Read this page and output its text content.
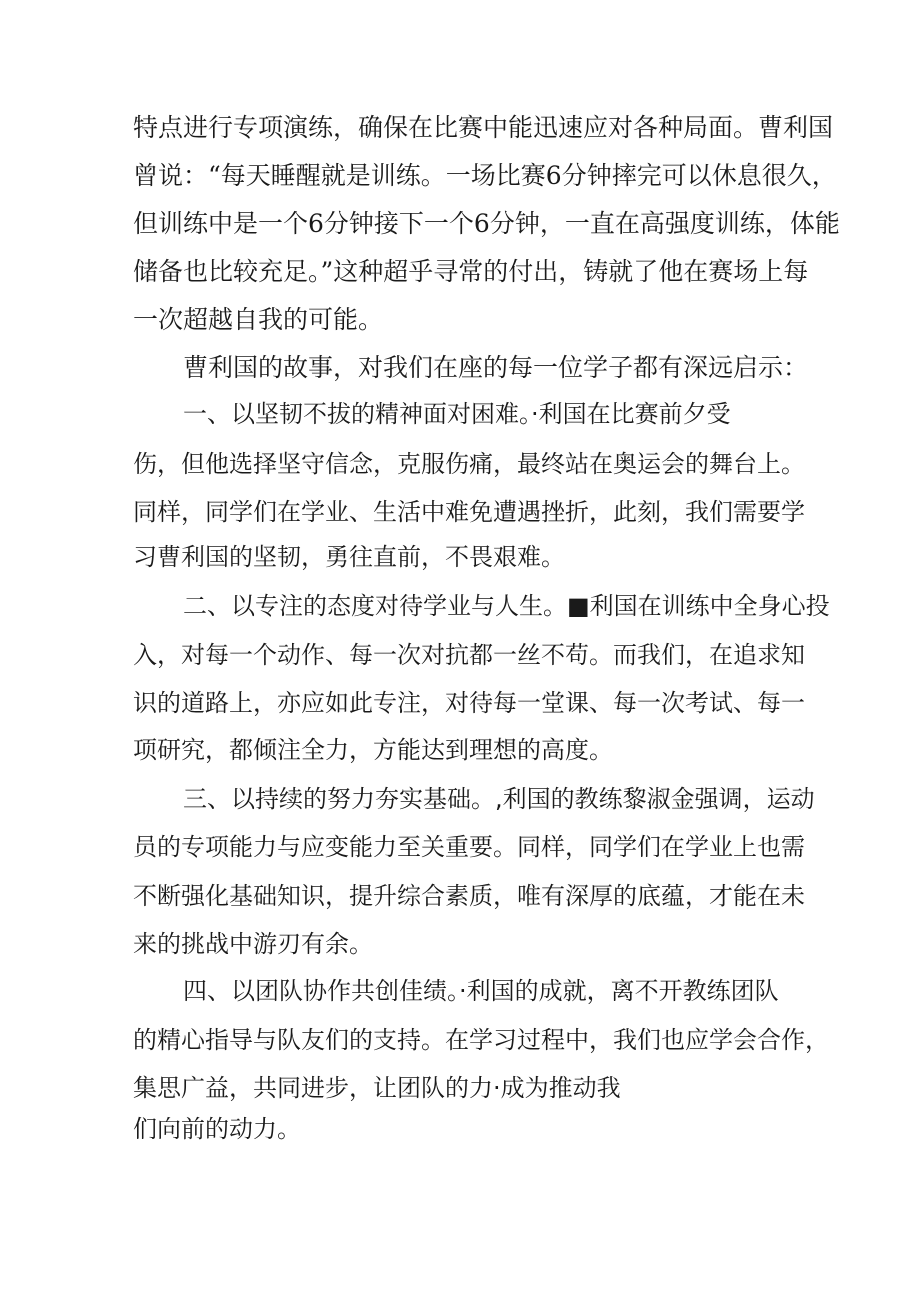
特点进行专项演练，确保在比赛中能迅速应对各种局面。曹利国
曾说：“每天睡醒就是训练。一场比赛6分钟摔完可以休息很久，
但训练中是一个6分钟接下一个6分钟，一直在高强度训练，体能
储备也比较充足。”这种超乎寻常的付出，铸就了他在赛场上每
一次超越自我的可能。
曹利国的故事，对我们在座的每一位学子都有深远启示：
一、以坚韧不拔的精神面对困难。·利国在比赛前夕受
伤，但他选择坚守信念，克服伤痛，最终站在奥运会的舞台上。
同样，同学们在学业、生活中难免遭遇挫折，此刻，我们需要学
习曹利国的坚韧，勇往直前，不畏艰难。
二、以专注的态度对待学业与人生。■利国在训练中全身心投
入，对每一个动作、每一次对抗都一丝不苟。而我们，在追求知
识的道路上，亦应如此专注，对待每一堂课、每一次考试、每一
项研究，都倾注全力，方能达到理想的高度。
三、以持续的努力夯实基础。,利国的教练黎淑金强调，运动
员的专项能力与应变能力至关重要。同样，同学们在学业上也需
不断强化基础知识，提升综合素质，唯有深厚的底蕴，才能在未
来的挑战中游刃有余。
四、以团队协作共创佳绩。·利国的成就，离不开教练团队
的精心指导与队友们的支持。在学习过程中，我们也应学会合作，
集思广益，共同进步，让团队的力·成为推动我
们向前的动力。
